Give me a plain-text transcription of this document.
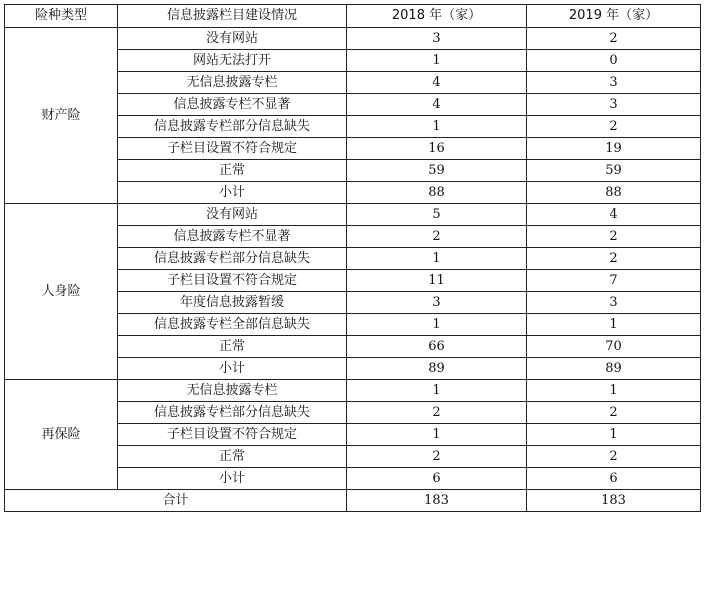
险种类型	信息披露栏目建设情况	2018 年（家）	2019 年（家）
财产险	没有网站	3	2
	网站无法打开	1	0
	无信息披露专栏	4	3
	信息披露专栏不显著	4	3
	信息披露专栏部分信息缺失	1	2
	子栏目设置不符合规定	16	19
	正常	59	59
	小计	88	88
人身险	没有网站	5	4
	信息披露专栏不显著	2	2
	信息披露专栏部分信息缺失	1	2
	子栏目设置不符合规定	11	7
	年度信息披露暂缓	3	3
	信息披露专栏全部信息缺失	1	1
	正常	66	70
	小计	89	89
再保险	无信息披露专栏	1	1
	信息披露专栏部分信息缺失	2	2
	子栏目设置不符合规定	1	1
	正常	2	2
	小计	6	6
合计		183	183
